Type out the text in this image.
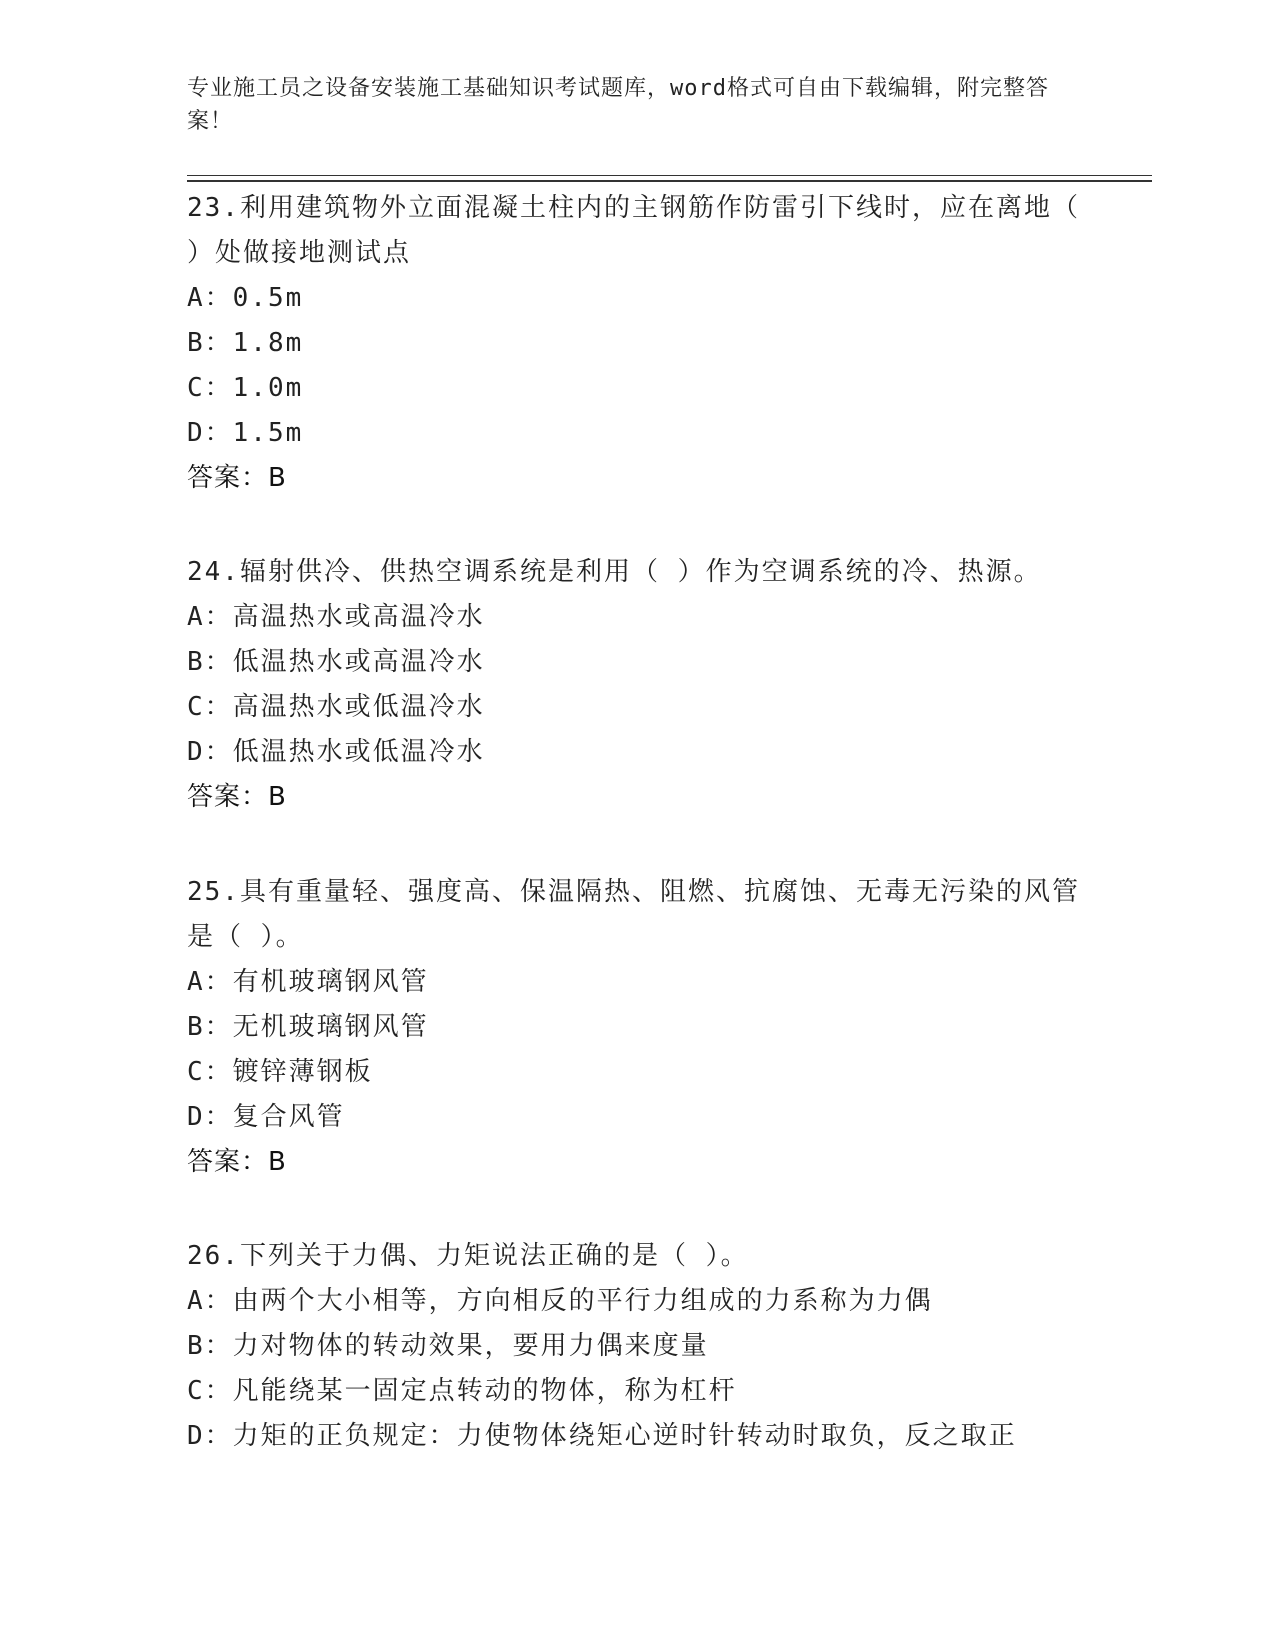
专业施工员之设备安装施工基础知识考试题库，word格式可自由下载编辑，附完整答案！
23.利用建筑物外立面混凝土柱内的主钢筋作防雷引下线时，应在离地（ ）处做接地测试点
A：0.5m
B：1.8m
C：1.0m
D：1.5m
答案：B
24.辐射供冷、供热空调系统是利用（ ）作为空调系统的冷、热源。
A：高温热水或高温冷水
B：低温热水或高温冷水
C：高温热水或低温冷水
D：低温热水或低温冷水
答案：B
25.具有重量轻、强度高、保温隔热、阻燃、抗腐蚀、无毒无污染的风管是（ ）。
A：有机玻璃钢风管
B：无机玻璃钢风管
C：镀锌薄钢板
D：复合风管
答案：B
26.下列关于力偶、力矩说法正确的是（ ）。
A：由两个大小相等，方向相反的平行力组成的力系称为力偶
B：力对物体的转动效果，要用力偶来度量
C：凡能绕某一固定点转动的物体，称为杠杆
D：力矩的正负规定：力使物体绕矩心逆时针转动时取负，反之取正
